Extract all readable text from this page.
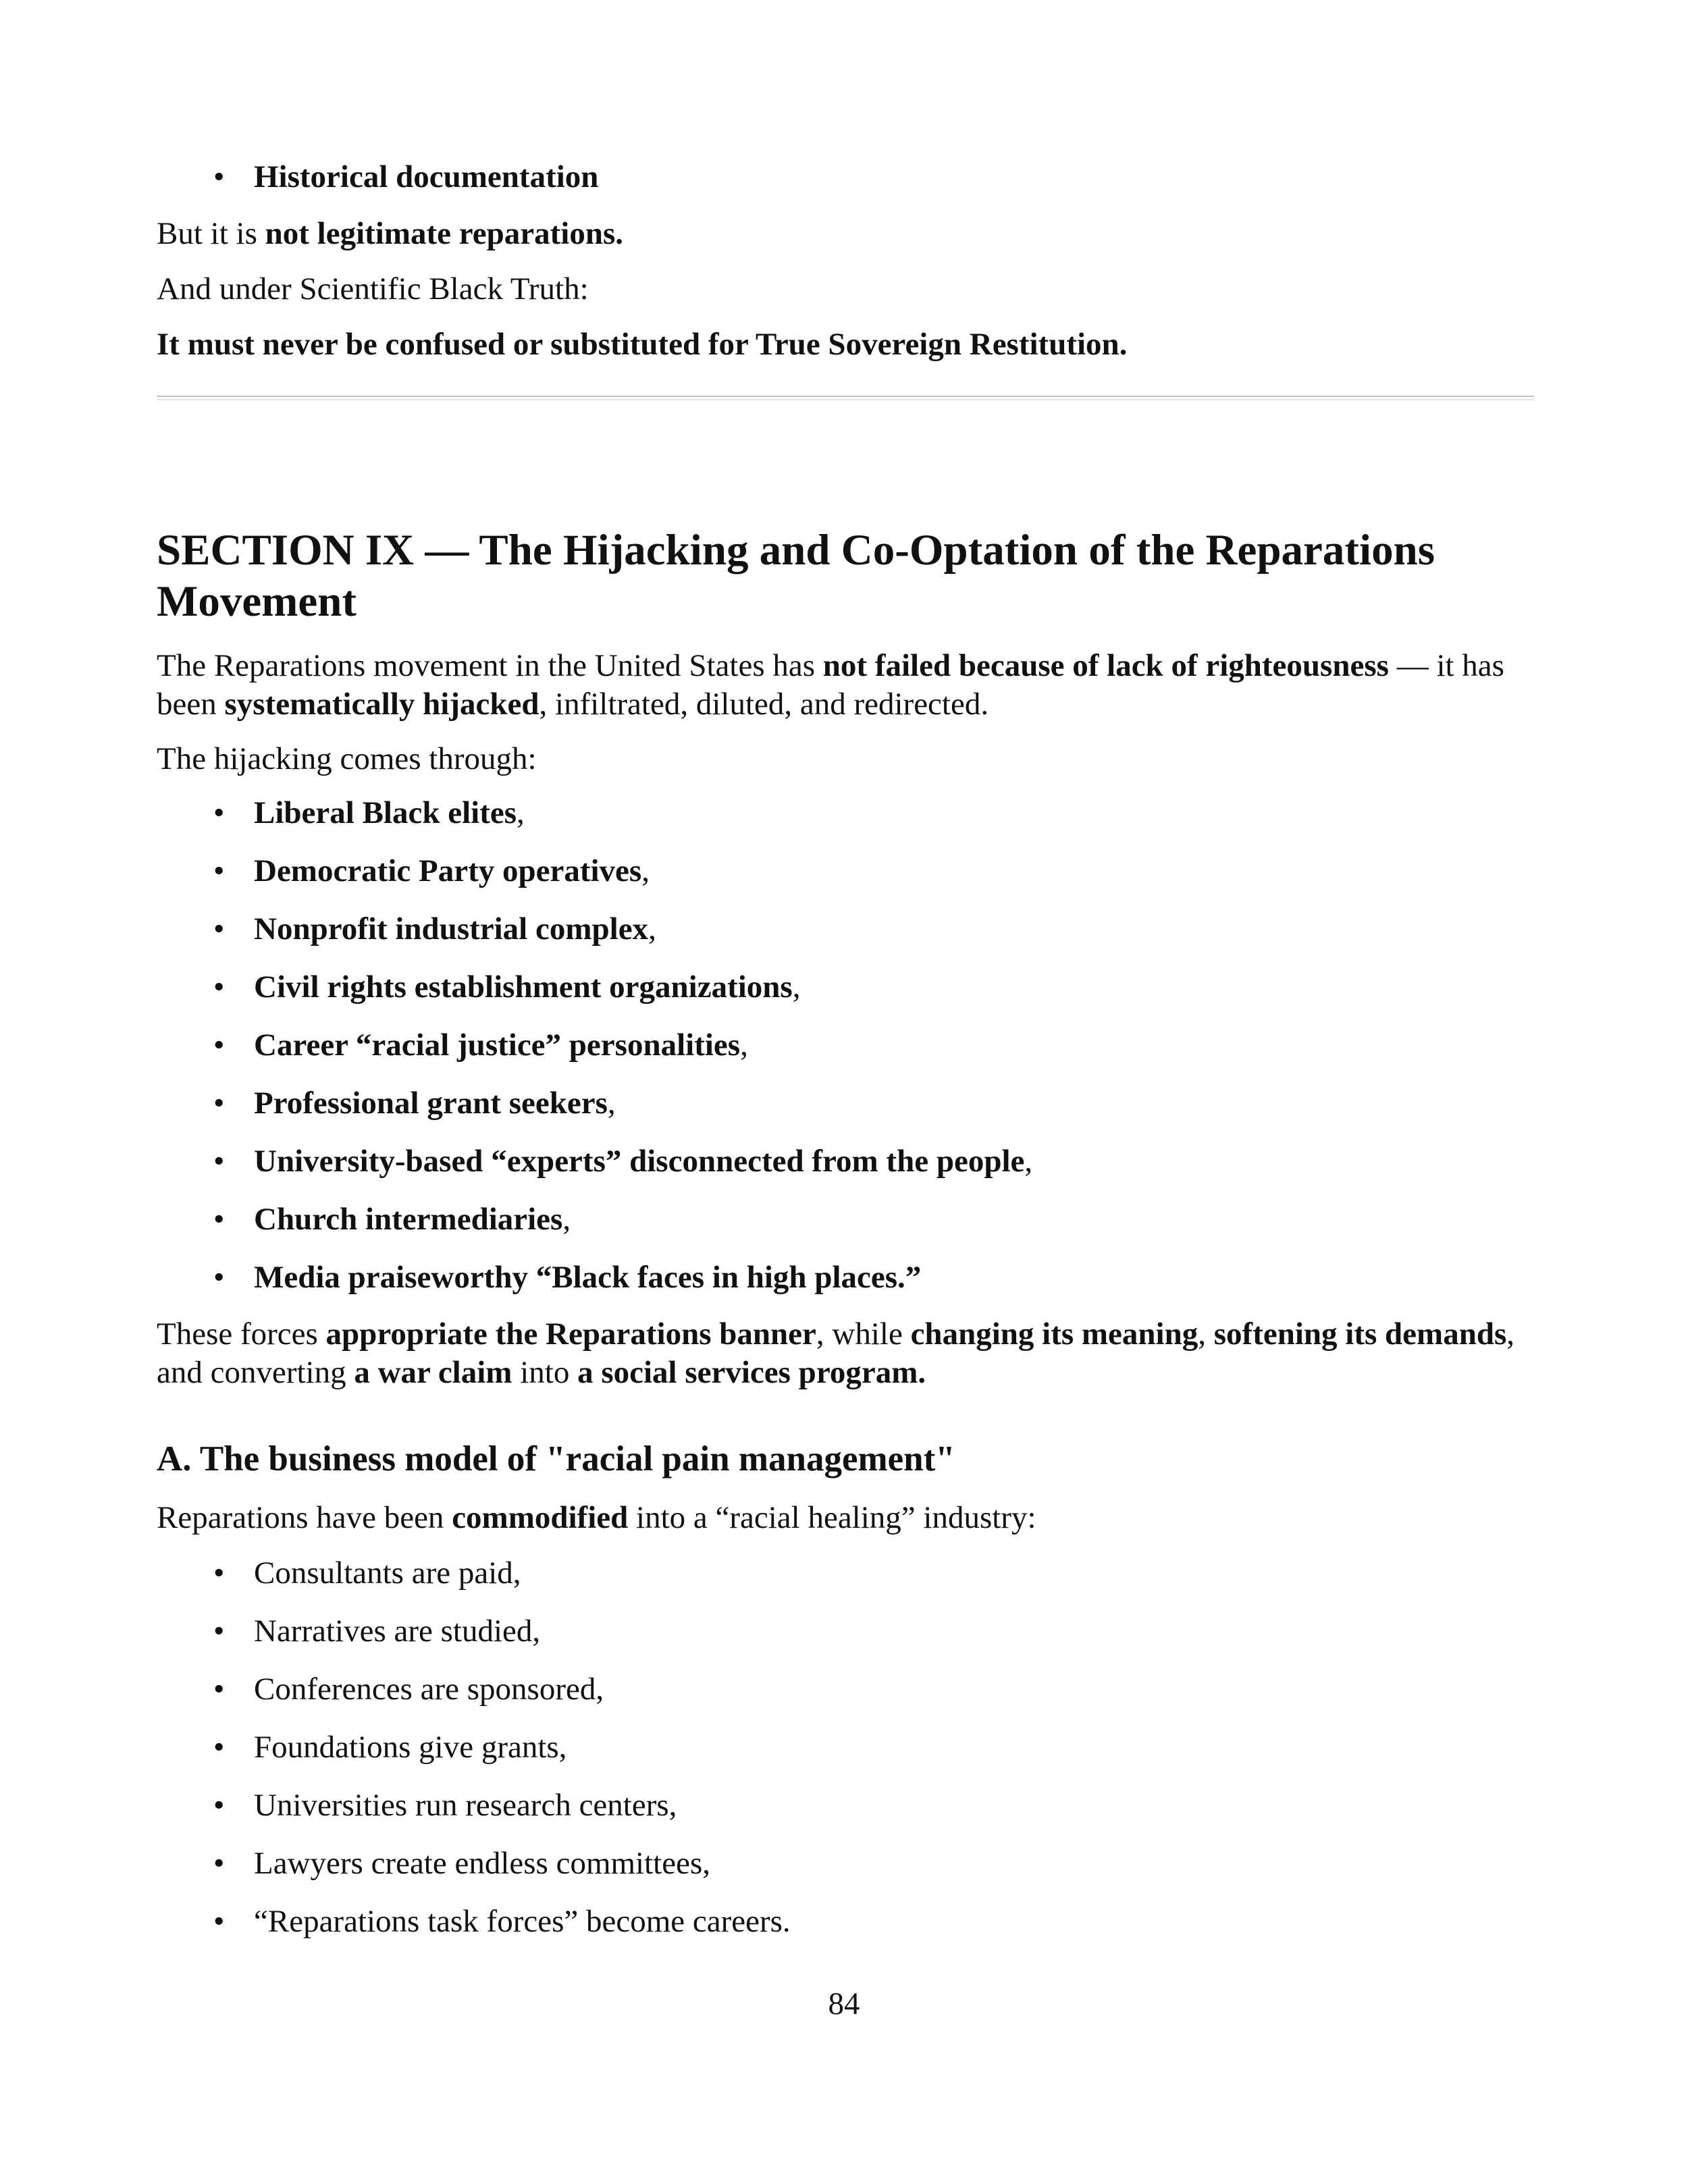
• Historical documentation

But it is not legitimate reparations.

And under Scientific Black Truth:

It must never be confused or substituted for True Sovereign Restitution.

SECTION IX — The Hijacking and Co-Optation of the Reparations Movement

The Reparations movement in the United States has not failed because of lack of righteousness — it has been systematically hijacked, infiltrated, diluted, and redirected.

The hijacking comes through:

• Liberal Black elites,
• Democratic Party operatives,
• Nonprofit industrial complex,
• Civil rights establishment organizations,
• Career “racial justice” personalities,
• Professional grant seekers,
• University-based “experts” disconnected from the people,
• Church intermediaries,
• Media praiseworthy “Black faces in high places.”

These forces appropriate the Reparations banner, while changing its meaning, softening its demands, and converting a war claim into a social services program.

A. The business model of "racial pain management"

Reparations have been commodified into a “racial healing” industry:

• Consultants are paid,
• Narratives are studied,
• Conferences are sponsored,
• Foundations give grants,
• Universities run research centers,
• Lawyers create endless committees,
• “Reparations task forces” become careers.
84
